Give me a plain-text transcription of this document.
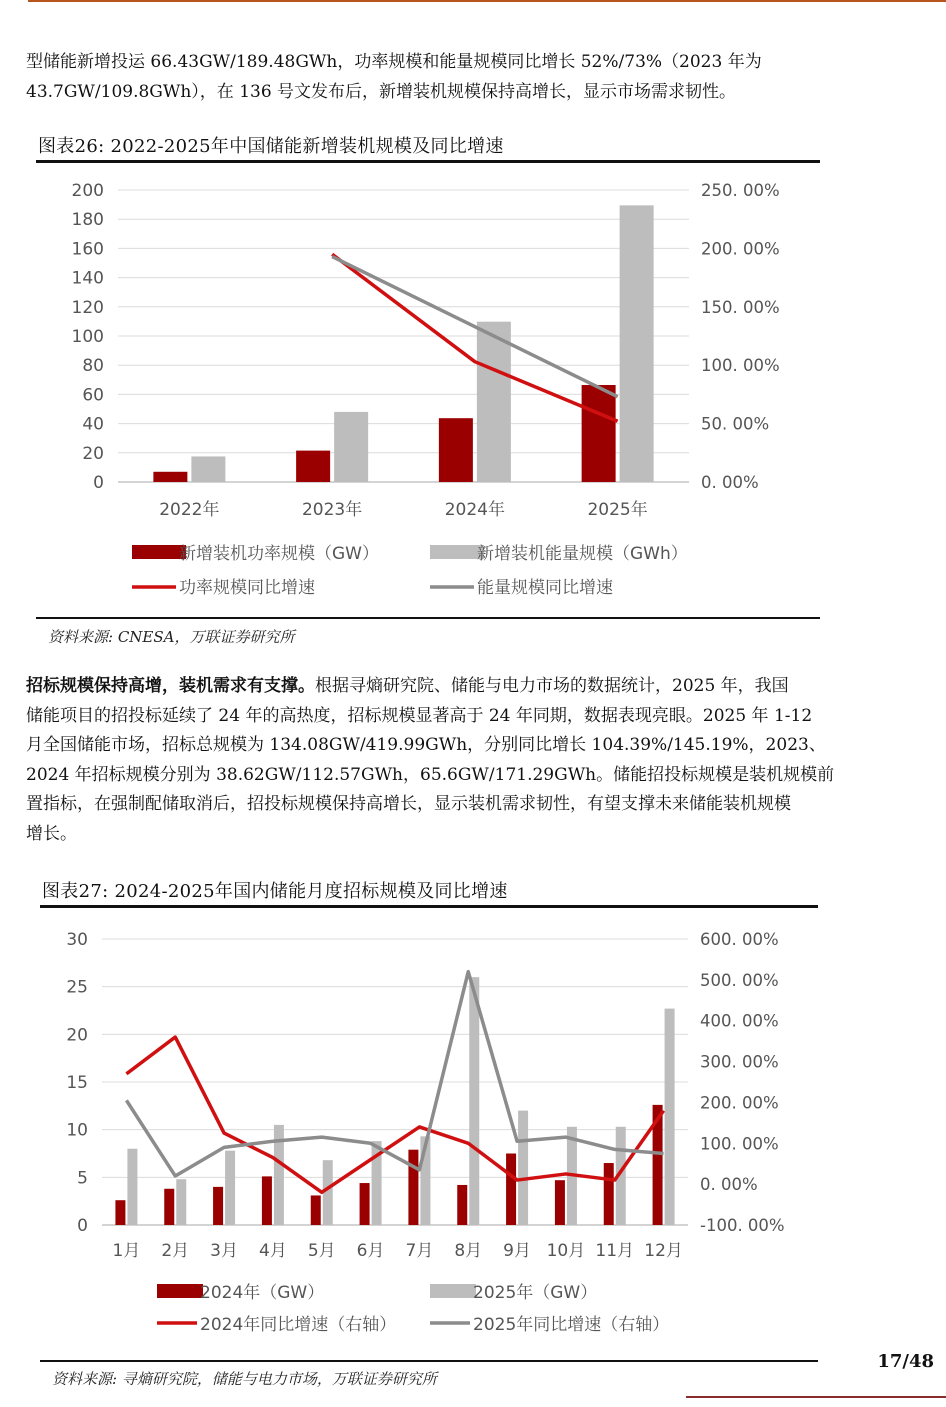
型储能新增投运 66.43GW/189.48GWh，功率规模和能量规模同比增长 52%/73%（2023 年为
43.7GW/109.8GWh），在 136 号文发布后，新增装机规模保持高增长，显示市场需求韧性。

图表26: 2022-2025年中国储能新增装机规模及同比增速
200
180
160
140
120
100
80
60
40
20
0
250. 00%
200. 00%
150. 00%
100. 00%
50. 00%
0. 00%
2022年	2023年	2024年	2025年
新增装机功率规模（GW）	新增装机能量规模（GWh）
功率规模同比增速	能量规模同比增速
资料来源: CNESA，万联证券研究所

招标规模保持高增，装机需求有支撑。根据寻熵研究院、储能与电力市场的数据统计，2025 年，我国
储能项目的招投标延续了 24 年的高热度，招标规模显著高于 24 年同期，数据表现亮眼。2025 年 1-12
月全国储能市场，招标总规模为 134.08GW/419.99GWh，分别同比增长 104.39%/145.19%，2023、
2024 年招标规模分别为 38.62GW/112.57GWh，65.6GW/171.29GWh。储能招投标规模是装机规模前
置指标，在强制配储取消后，招投标规模保持高增长，显示装机需求韧性，有望支撑未来储能装机规模
增长。

图表27: 2024-2025年国内储能月度招标规模及同比增速
30
25
20
15
10
5
0
600. 00%
500. 00%
400. 00%
300. 00%
200. 00%
100. 00%
0. 00%
-100. 00%
1月 2月 3月 4月 5月 6月 7月 8月 9月 10月 11月 12月
2024年（GW）	2025年（GW）
2024年同比增速（右轴）	2025年同比增速（右轴）
资料来源: 寻熵研究院，储能与电力市场，万联证券研究所
17/48
